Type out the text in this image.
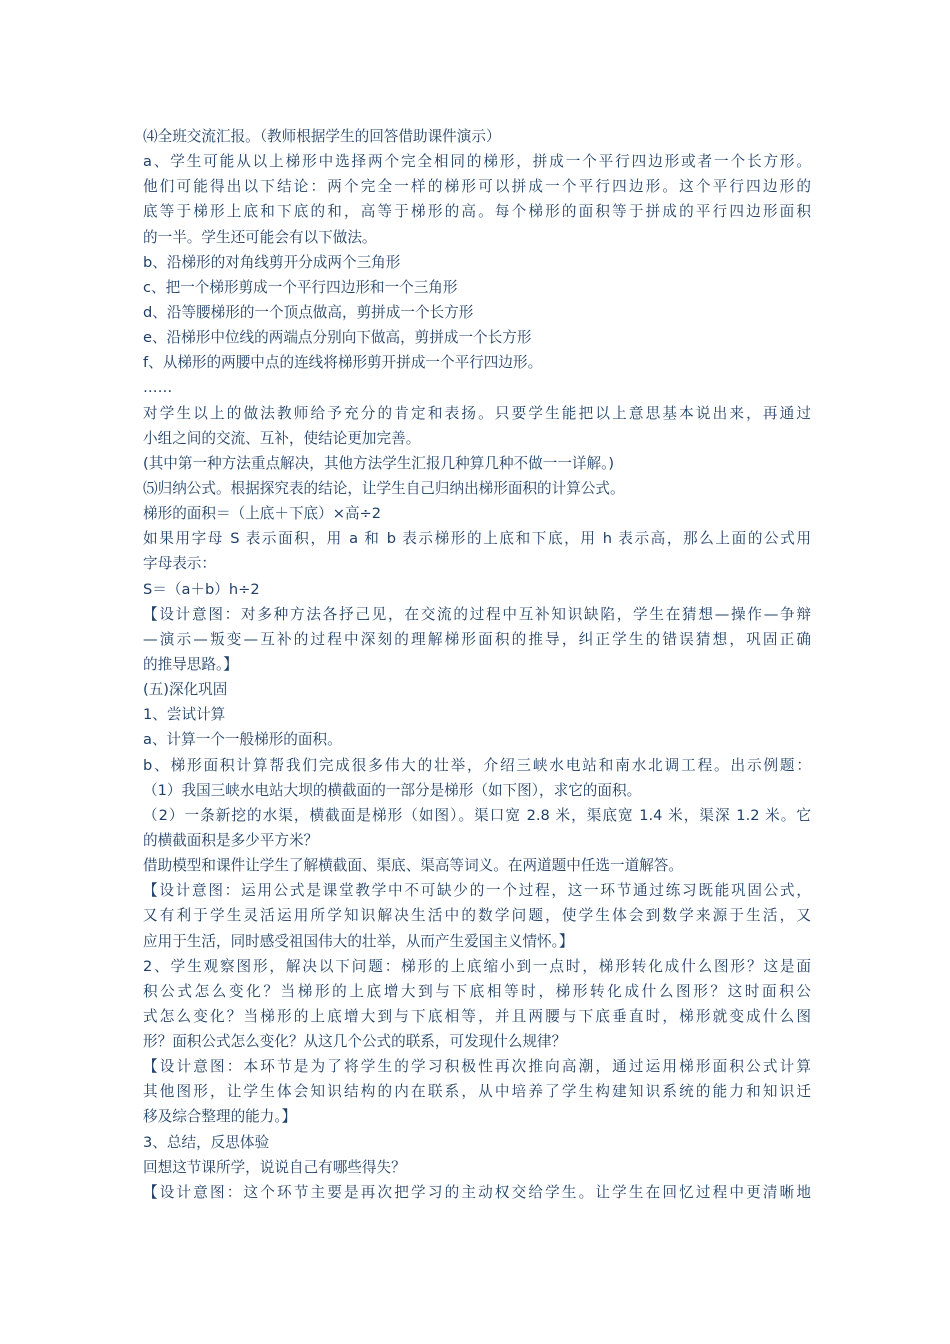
⑷全班交流汇报。（教师根据学生的回答借助课件演示）
a、学生可能从以上梯形中选择两个完全相同的梯形，拼成一个平行四边形或者一个长方形。
他们可能得出以下结论：两个完全一样的梯形可以拼成一个平行四边形。这个平行四边形的
底等于梯形上底和下底的和，高等于梯形的高。每个梯形的面积等于拼成的平行四边形面积
的一半。学生还可能会有以下做法。
b、沿梯形的对角线剪开分成两个三角形
c、把一个梯形剪成一个平行四边形和一个三角形
d、沿等腰梯形的一个顶点做高，剪拼成一个长方形
e、沿梯形中位线的两端点分别向下做高，剪拼成一个长方形
f、从梯形的两腰中点的连线将梯形剪开拼成一个平行四边形。
……
对学生以上的做法教师给予充分的肯定和表扬。只要学生能把以上意思基本说出来，再通过
小组之间的交流、互补，使结论更加完善。
(其中第一种方法重点解决，其他方法学生汇报几种算几种不做一一详解。)
⑸归纳公式。根据探究表的结论，让学生自己归纳出梯形面积的计算公式。
梯形的面积＝（上底＋下底）×高÷2
如果用字母 S 表示面积，用 a 和 b 表示梯形的上底和下底，用 h 表示高，那么上面的公式用
字母表示：
S＝（a＋b）h÷2
【设计意图：对多种方法各抒己见，在交流的过程中互补知识缺陷，学生在猜想—操作—争辩
—演示—叛变—互补的过程中深刻的理解梯形面积的推导，纠正学生的错误猜想，巩固正确
的推导思路。】
(五)深化巩固
1、尝试计算
a、计算一个一般梯形的面积。
b、梯形面积计算帮我们完成很多伟大的壮举，介绍三峡水电站和南水北调工程。出示例题：
（1）我国三峡水电站大坝的横截面的一部分是梯形（如下图），求它的面积。
（2）一条新挖的水渠，横截面是梯形（如图）。渠口宽 2.8 米，渠底宽 1.4 米，渠深 1.2 米。它
的横截面积是多少平方米？
借助模型和课件让学生了解横截面、渠底、渠高等词义。在两道题中任选一道解答。
【设计意图：运用公式是课堂教学中不可缺少的一个过程，这一环节通过练习既能巩固公式，
又有利于学生灵活运用所学知识解决生活中的数学问题，使学生体会到数学来源于生活，又
应用于生活，同时感受祖国伟大的壮举，从而产生爱国主义情怀。】
2、学生观察图形，解决以下问题：梯形的上底缩小到一点时，梯形转化成什么图形？这是面
积公式怎么变化？当梯形的上底增大到与下底相等时，梯形转化成什么图形？这时面积公
式怎么变化？当梯形的上底增大到与下底相等，并且两腰与下底垂直时，梯形就变成什么图
形？面积公式怎么变化？从这几个公式的联系，可发现什么规律？
【设计意图：本环节是为了将学生的学习积极性再次推向高潮，通过运用梯形面积公式计算
其他图形，让学生体会知识结构的内在联系，从中培养了学生构建知识系统的能力和知识迁
移及综合整理的能力。】
3、总结，反思体验
回想这节课所学，说说自己有哪些得失？
【设计意图：这个环节主要是再次把学习的主动权交给学生。让学生在回忆过程中更清晰地
